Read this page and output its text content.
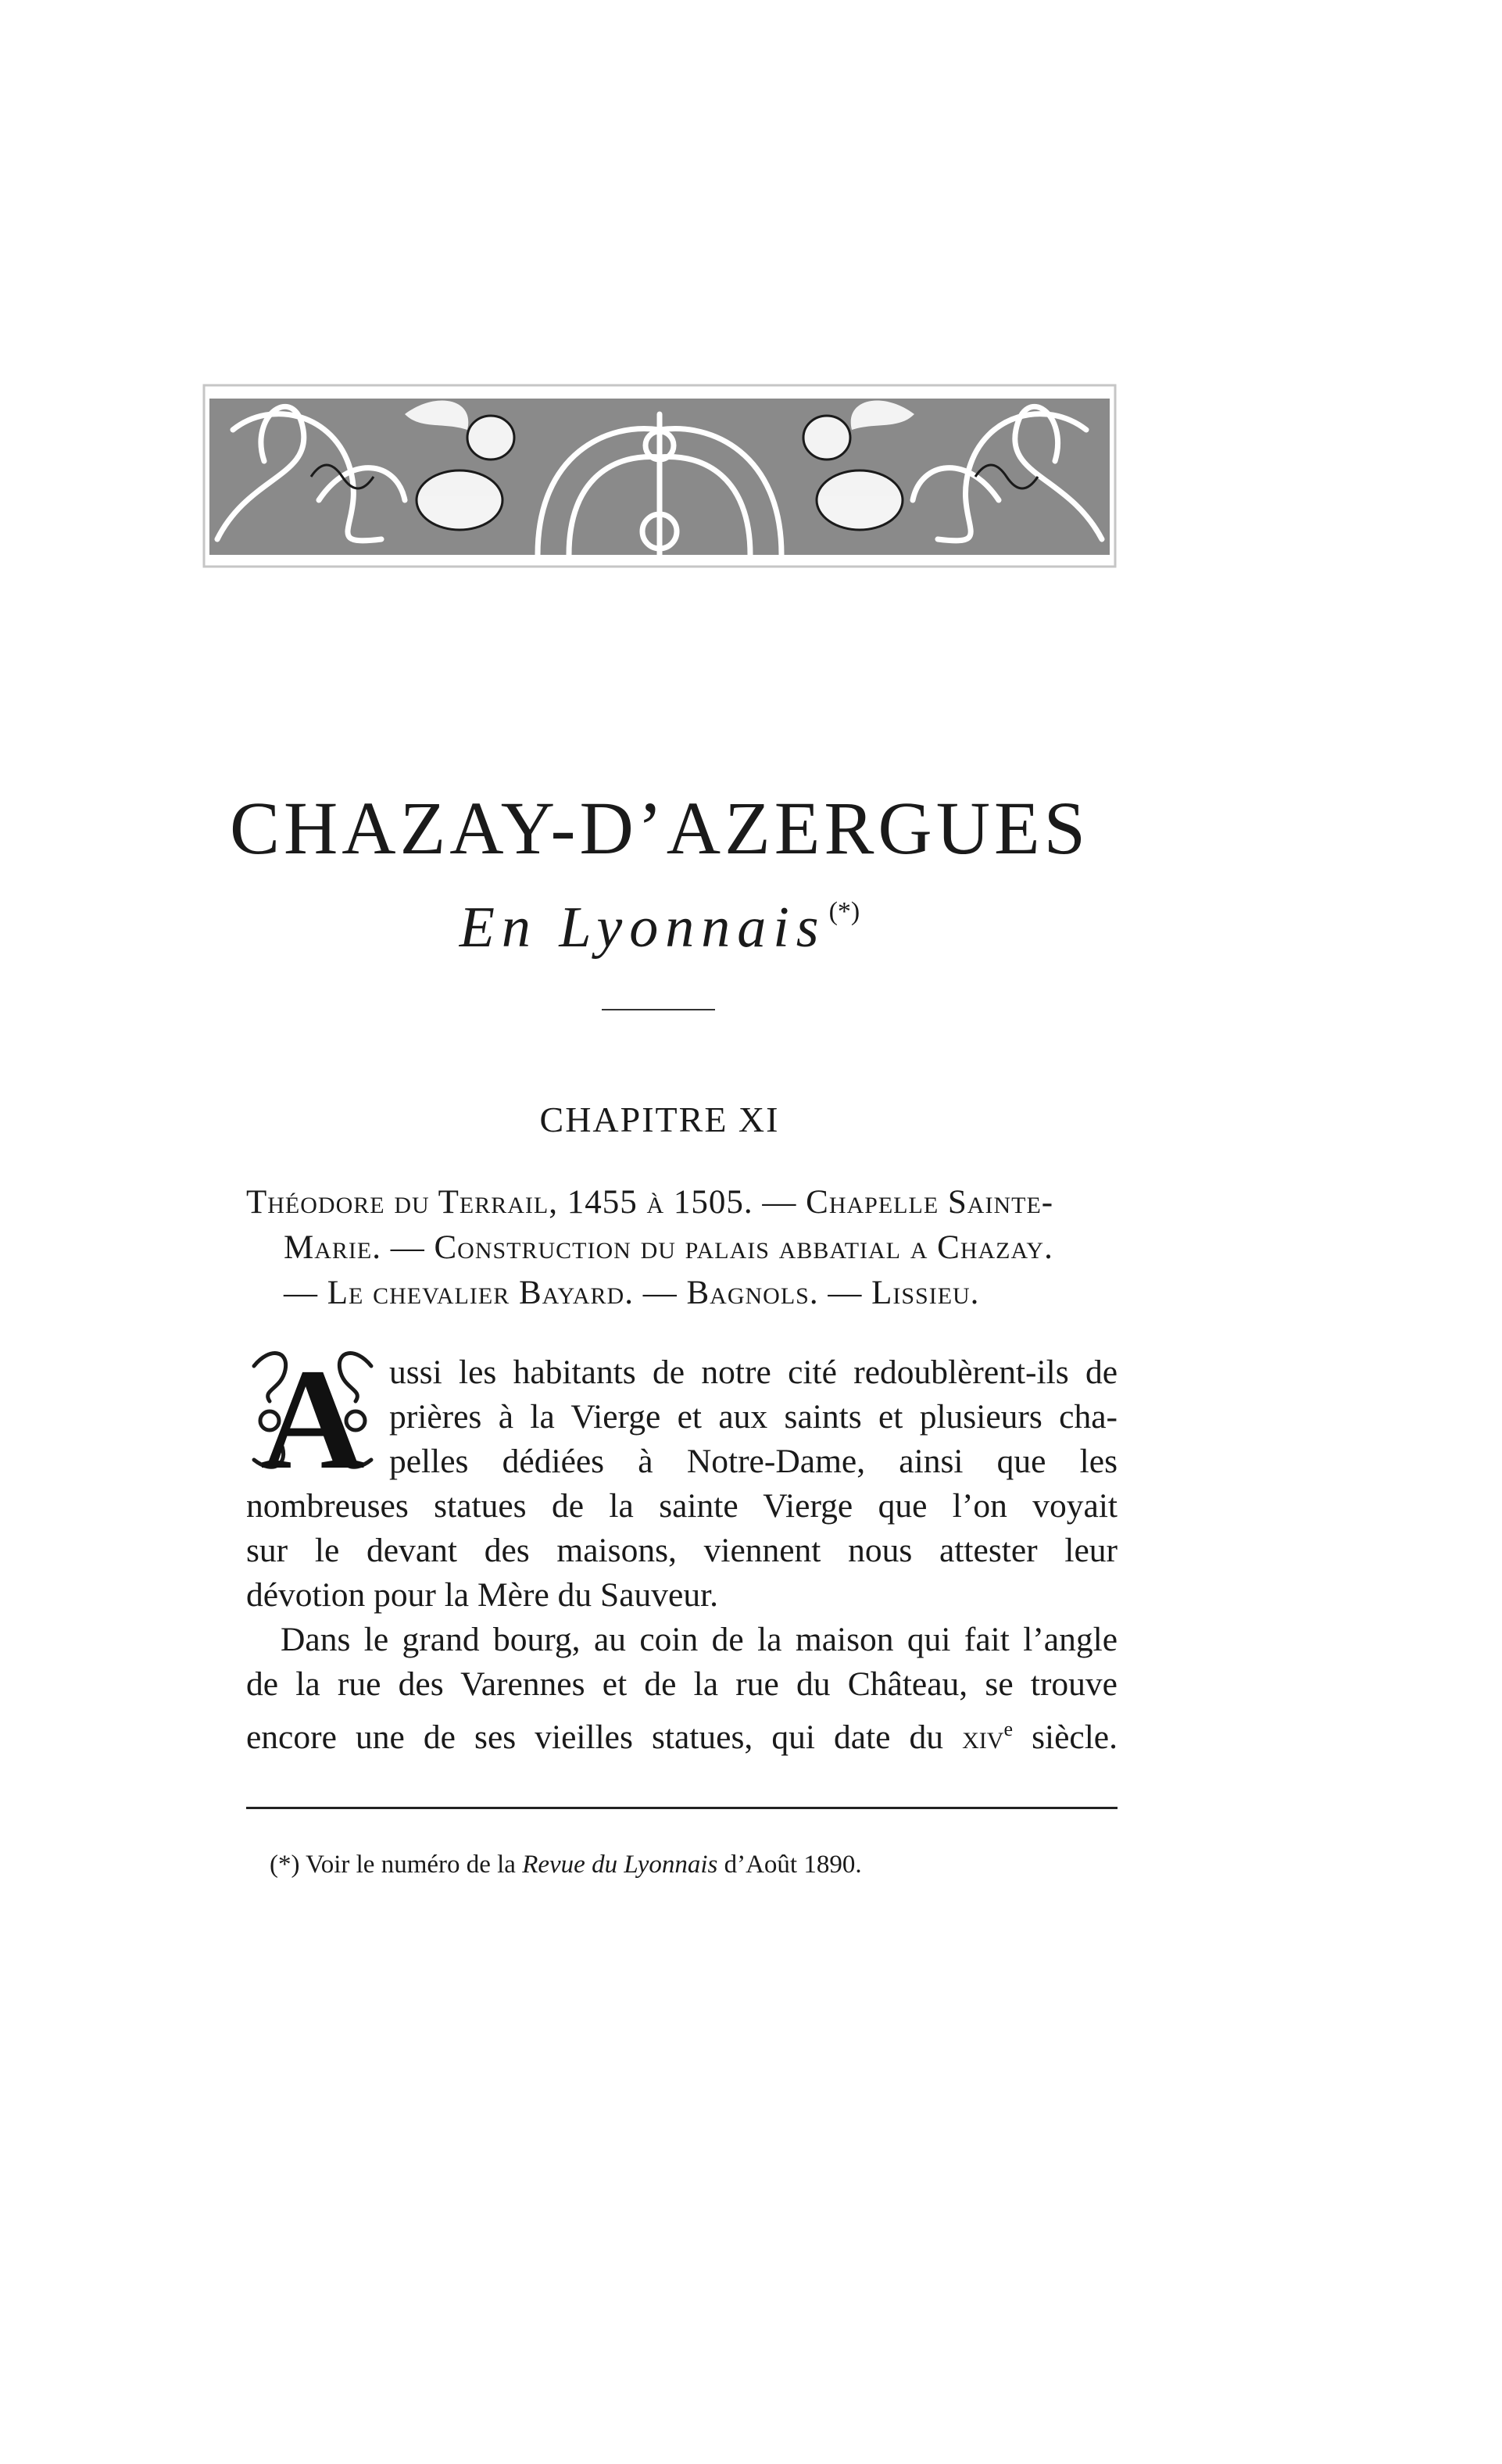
CHAZAY-D’AZERGUES
En Lyonnais (*)
CHAPITRE XI
Théodore du Terrail, 1455 à 1505. — Chapelle Sainte-
Marie. — Construction du palais abbatial a Chazay.
— Le chevalier Bayard. — Bagnols. — Lissieu.
A ussi les habitants de notre cité redoublèrent-ils de
prières à la Vierge et aux saints et plusieurs cha-
pelles dédiées à Notre-Dame, ainsi que les
nombreuses statues de la sainte Vierge que l’on voyait
sur le devant des maisons, viennent nous attester leur
dévotion pour la Mère du Sauveur.
Dans le grand bourg, au coin de la maison qui fait l’angle
de la rue des Varennes et de la rue du Château, se trouve
encore une de ses vieilles statues, qui date du xiv$^e$ siècle.
(*) Voir le numéro de la Revue du Lyonnais d’Août 1890.
